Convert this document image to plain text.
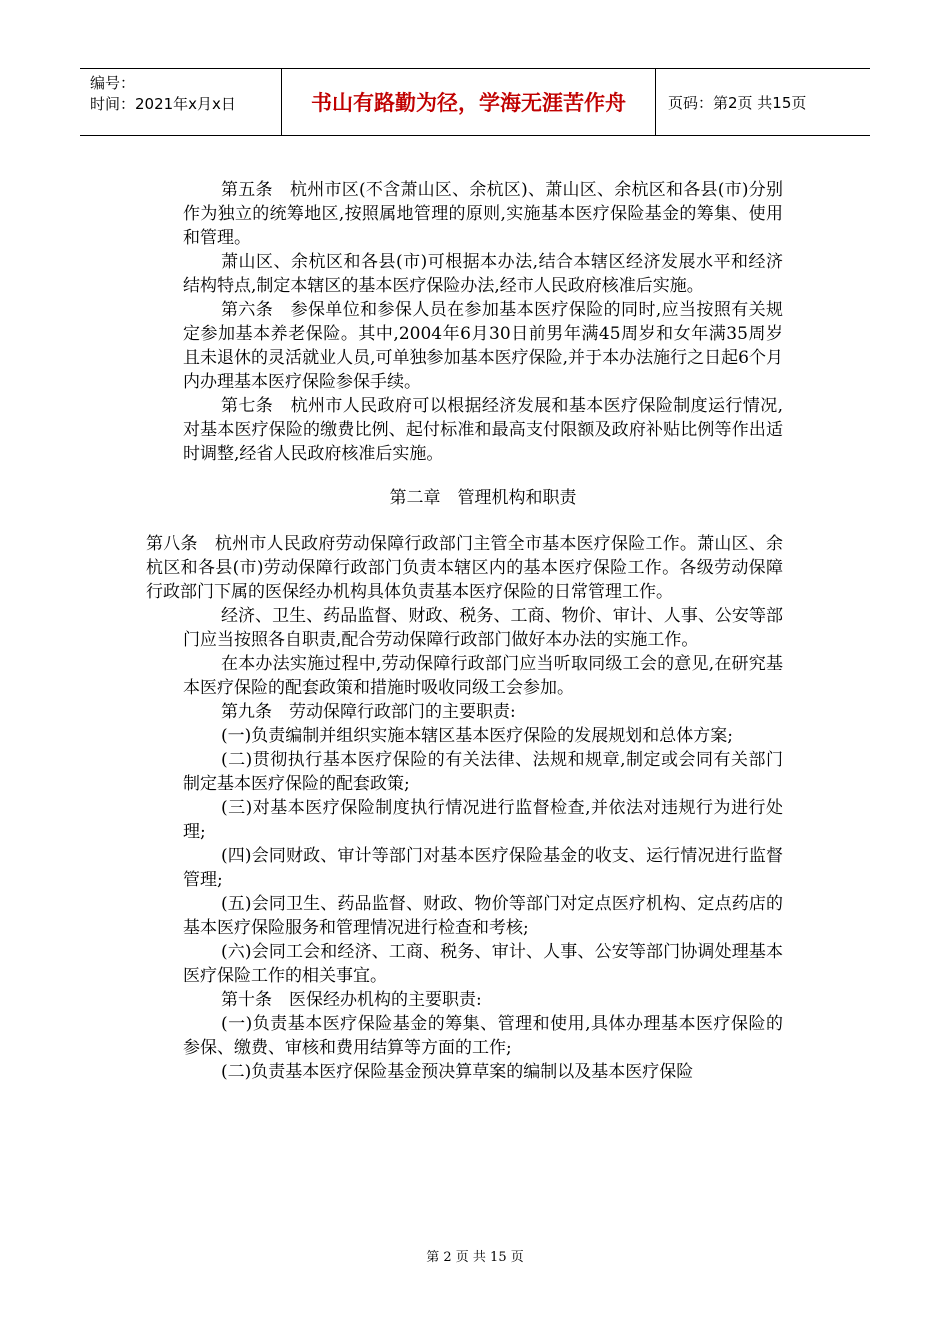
编号：
时间：2021年x月x日	书山有路勤为径，学海无涯苦作舟	页码：第2页 共15页

第五条　杭州市区(不含萧山区、余杭区)、萧山区、余杭区和各县(市)分别作为独立的统筹地区,按照属地管理的原则,实施基本医疗保险基金的筹集、使用和管理。

萧山区、余杭区和各县(市)可根据本办法,结合本辖区经济发展水平和经济结构特点,制定本辖区的基本医疗保险办法,经市人民政府核准后实施。

第六条　参保单位和参保人员在参加基本医疗保险的同时,应当按照有关规定参加基本养老保险。其中,2004年6月30日前男年满45周岁和女年满35周岁且未退休的灵活就业人员,可单独参加基本医疗保险,并于本办法施行之日起6个月内办理基本医疗保险参保手续。

第七条　杭州市人民政府可以根据经济发展和基本医疗保险制度运行情况,对基本医疗保险的缴费比例、起付标准和最高支付限额及政府补贴比例等作出适时调整,经省人民政府核准后实施。

第二章　管理机构和职责

第八条　杭州市人民政府劳动保障行政部门主管全市基本医疗保险工作。萧山区、余杭区和各县(市)劳动保障行政部门负责本辖区内的基本医疗保险工作。各级劳动保障行政部门下属的医保经办机构具体负责基本医疗保险的日常管理工作。

经济、卫生、药品监督、财政、税务、工商、物价、审计、人事、公安等部门应当按照各自职责,配合劳动保障行政部门做好本办法的实施工作。

在本办法实施过程中,劳动保障行政部门应当听取同级工会的意见,在研究基本医疗保险的配套政策和措施时吸收同级工会参加。

第九条　劳动保障行政部门的主要职责:

(一)负责编制并组织实施本辖区基本医疗保险的发展规划和总体方案;

(二)贯彻执行基本医疗保险的有关法律、法规和规章,制定或会同有关部门制定基本医疗保险的配套政策;

(三)对基本医疗保险制度执行情况进行监督检查,并依法对违规行为进行处理;

(四)会同财政、审计等部门对基本医疗保险基金的收支、运行情况进行监督管理;

(五)会同卫生、药品监督、财政、物价等部门对定点医疗机构、定点药店的基本医疗保险服务和管理情况进行检查和考核;

(六)会同工会和经济、工商、税务、审计、人事、公安等部门协调处理基本医疗保险工作的相关事宜。

第十条　医保经办机构的主要职责:

(一)负责基本医疗保险基金的筹集、管理和使用,具体办理基本医疗保险的参保、缴费、审核和费用结算等方面的工作;

(二)负责基本医疗保险基金预决算草案的编制以及基本医疗保险

第 2 页 共 15 页
